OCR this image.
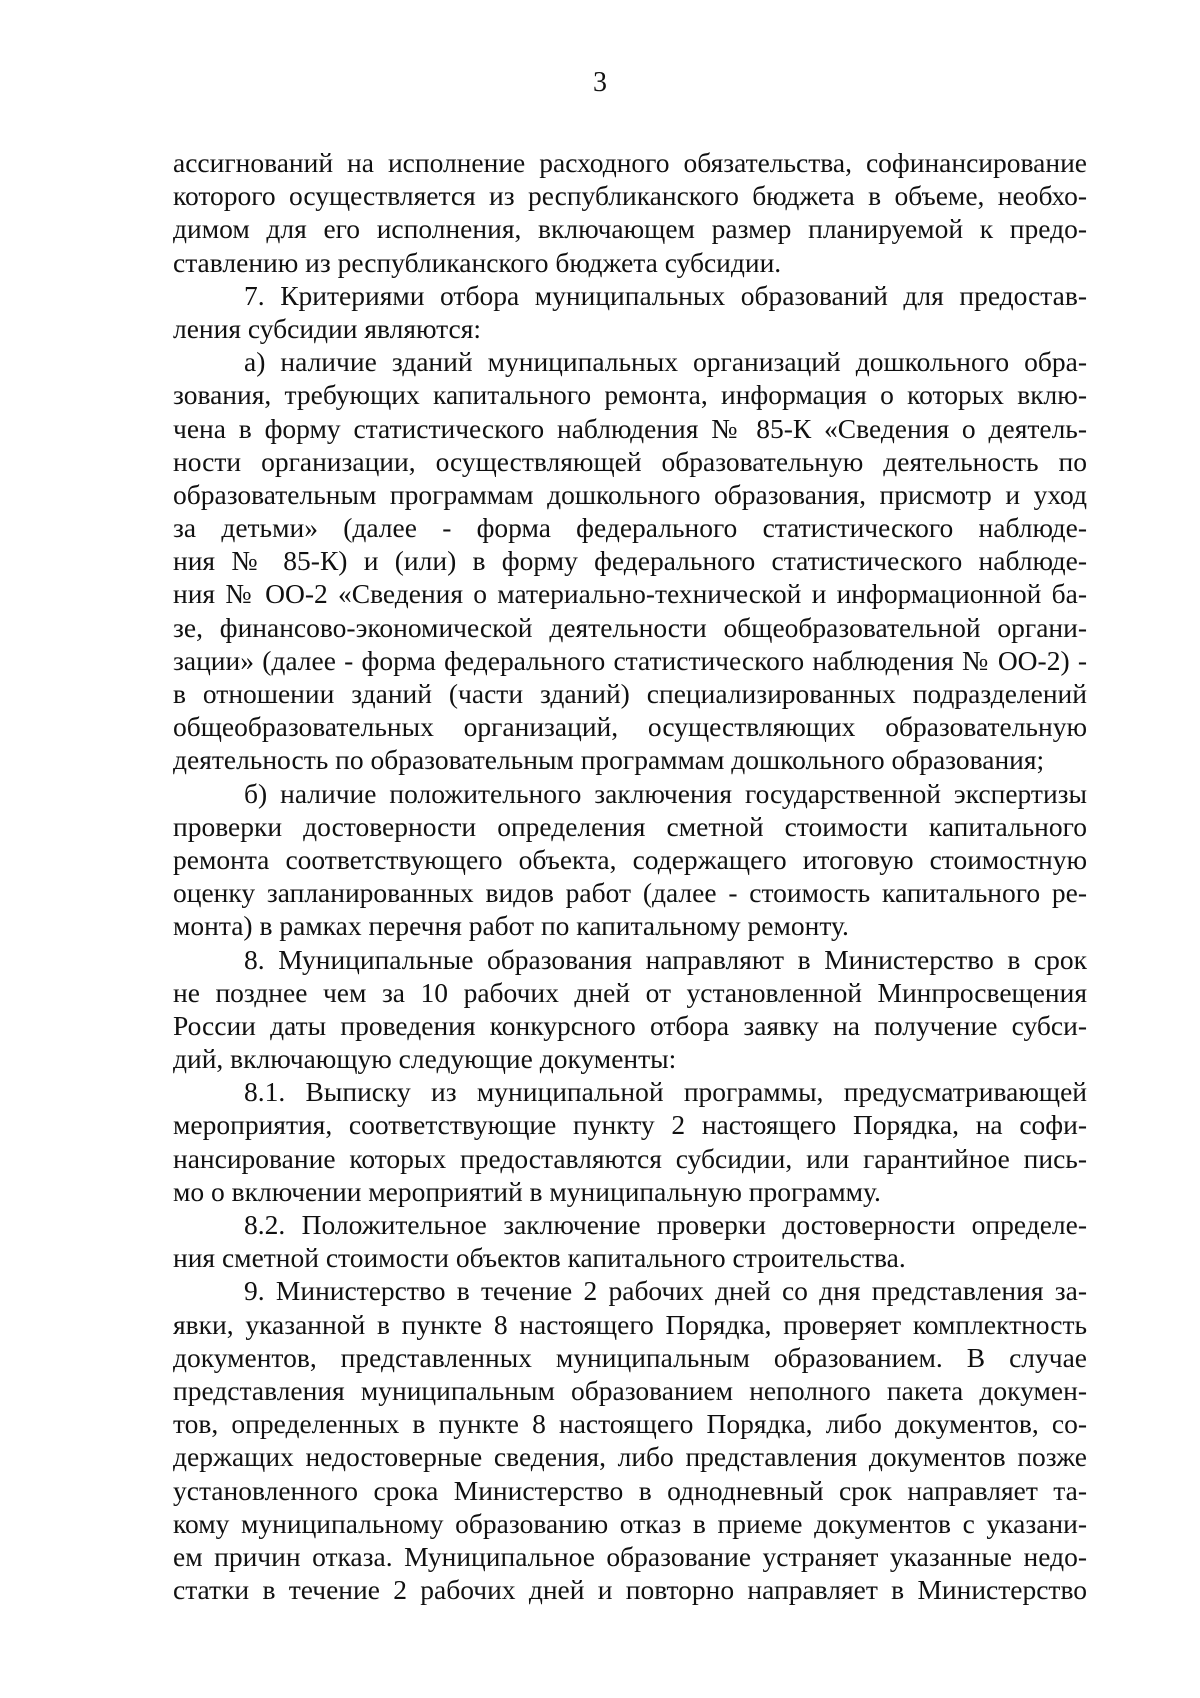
3
ассигнований на исполнение расходного обязательства, софинансирование
которого осуществляется из республиканского бюджета в объеме, необхо-
димом для его исполнения, включающем размер планируемой к предо-
ставлению из республиканского бюджета субсидии.
7. Критериями отбора муниципальных образований для предостав-
ления субсидии являются:
а) наличие зданий муниципальных организаций дошкольного обра-
зования, требующих капитального ремонта, информация о которых вклю-
чена в форму статистического наблюдения № 85-К «Сведения о деятель-
ности организации, осуществляющей образовательную деятельность по
образовательным программам дошкольного образования, присмотр и уход
за детьми» (далее - форма федерального статистического наблюде-
ния № 85-К) и (или) в форму федерального статистического наблюде-
ния № ОО-2 «Сведения о материально-технической и информационной ба-
зе, финансово-экономической деятельности общеобразовательной органи-
зации» (далее - форма федерального статистического наблюдения № ОО-2) -
в отношении зданий (части зданий) специализированных подразделений
общеобразовательных организаций, осуществляющих образовательную
деятельность по образовательным программам дошкольного образования;
б) наличие положительного заключения государственной экспертизы
проверки достоверности определения сметной стоимости капитального
ремонта соответствующего объекта, содержащего итоговую стоимостную
оценку запланированных видов работ (далее - стоимость капитального ре-
монта) в рамках перечня работ по капитальному ремонту.
8. Муниципальные образования направляют в Министерство в срок
не позднее чем за 10 рабочих дней от установленной Минпросвещения
России даты проведения конкурсного отбора заявку на получение субси-
дий, включающую следующие документы:
8.1. Выписку из муниципальной программы, предусматривающей
мероприятия, соответствующие пункту 2 настоящего Порядка, на софи-
нансирование которых предоставляются субсидии, или гарантийное пись-
мо о включении мероприятий в муниципальную программу.
8.2. Положительное заключение проверки достоверности определе-
ния сметной стоимости объектов капитального строительства.
9. Министерство в течение 2 рабочих дней со дня представления за-
явки, указанной в пункте 8 настоящего Порядка, проверяет комплектность
документов, представленных муниципальным образованием. В случае
представления муниципальным образованием неполного пакета докумен-
тов, определенных в пункте 8 настоящего Порядка, либо документов, со-
держащих недостоверные сведения, либо представления документов позже
установленного срока Министерство в однодневный срок направляет та-
кому муниципальному образованию отказ в приеме документов с указани-
ем причин отказа. Муниципальное образование устраняет указанные недо-
статки в течение 2 рабочих дней и повторно направляет в Министерство
